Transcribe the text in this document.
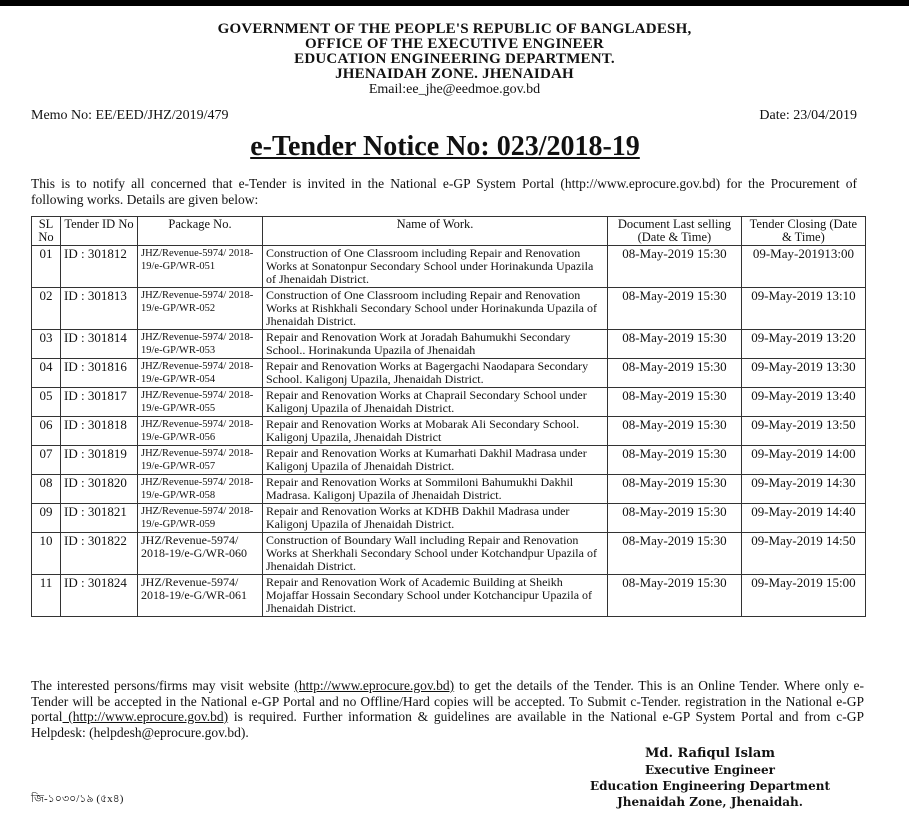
GOVERNMENT OF THE PEOPLE'S REPUBLIC OF BANGLADESH,
OFFICE OF THE EXECUTIVE ENGINEER
EDUCATION ENGINEERING DEPARTMENT.
JHENAIDAH ZONE. JHENAIDAH
Email:ee_jhe@eedmoe.gov.bd
Memo No: EE/EED/JHZ/2019/479	Date: 23/04/2019
e-Tender Notice No: 023/2018-19
This is to notify all concerned that e-Tender is invited in the National e-GP System Portal (http://www.eprocure.gov.bd) for the Procurement of following works. Details are given below:
SL No	Tender ID No	Package No.	Name of Work.	Document Last selling (Date & Time)	Tender Closing (Date & Time)
01	ID : 301812	JHZ/Revenue-5974/ 2018-19/e-GP/WR-051	Construction of One Classroom including Repair and Renovation Works at Sonatonpur Secondary School under Horinakunda Upazila of Jhenaidah District.	08-May-2019 15:30	09-May-201913:00
02	ID : 301813	JHZ/Revenue-5974/ 2018-19/e-GP/WR-052	Construction of One Classroom including Repair and Renovation Works at Rishkhali Secondary School under Horinakunda Upazila of Jhenaidah District.	08-May-2019 15:30	09-May-2019 13:10
03	ID : 301814	JHZ/Revenue-5974/ 2018-19/e-GP/WR-053	Repair and Renovation Work at Joradah Bahumukhi Secondary School.. Horinakunda Upazila of Jhenaidah	08-May-2019 15:30	09-May-2019 13:20
04	ID : 301816	JHZ/Revenue-5974/ 2018-19/e-GP/WR-054	Repair and Renovation Works at Bagergachi Naodapara Secondary School. Kaligonj Upazila, Jhenaidah District.	08-May-2019 15:30	09-May-2019 13:30
05	ID : 301817	JHZ/Revenue-5974/ 2018-19/e-GP/WR-055	Repair and Renovation Works at Chaprail Secondary School under Kaligonj Upazila of Jhenaidah District.	08-May-2019 15:30	09-May-2019 13:40
06	ID : 301818	JHZ/Revenue-5974/ 2018-19/e-GP/WR-056	Repair and Renovation Works at Mobarak Ali Secondary School. Kaligonj Upazila, Jhenaidah District	08-May-2019 15:30	09-May-2019 13:50
07	ID : 301819	JHZ/Revenue-5974/ 2018-19/e-GP/WR-057	Repair and Renovation Works at Kumarhati Dakhil Madrasa under Kaligonj Upazila of Jhenaidah District.	08-May-2019 15:30	09-May-2019 14:00
08	ID : 301820	JHZ/Revenue-5974/ 2018-19/e-GP/WR-058	Repair and Renovation Works at Sommiloni Bahumukhi Dakhil Madrasa. Kaligonj Upazila of Jhenaidah District.	08-May-2019 15:30	09-May-2019 14:30
09	ID : 301821	JHZ/Revenue-5974/ 2018-19/e-GP/WR-059	Repair and Renovation Works at KDHB Dakhil Madrasa under Kaligonj Upazila of Jhenaidah District.	08-May-2019 15:30	09-May-2019 14:40
10	ID : 301822	JHZ/Revenue-5974/ 2018-19/e-G/WR-060	Construction of Boundary Wall including Repair and Renovation Works at Sherkhali Secondary School under Kotchandpur Upazila of Jhenaidah District.	08-May-2019 15:30	09-May-2019 14:50
11	ID : 301824	JHZ/Revenue-5974/ 2018-19/e-G/WR-061	Repair and Renovation Work of Academic Building at Sheikh Mojaffar Hossain Secondary School under Kotchancipur Upazila of Jhenaidah District.	08-May-2019 15:30	09-May-2019 15:00
The interested persons/firms may visit website (http://www.eprocure.gov.bd) to get the details of the Tender. This is an Online Tender. Where only e-Tender will be accepted in the National e-GP Portal and no Offline/Hard copies will be accepted. To Submit c-Tender. registration in the National e-GP portal (http://www.eprocure.gov.bd) is required. Further information & guidelines are available in the National e-GP System Portal and from c-GP Helpdesk: (helpdesh@eprocure.gov.bd).
Md. Rafiqul Islam
Executive Engineer
Education Engineering Department
Jhenaidah Zone, Jhenaidah.
জি-১০৩০/১৯ (৫x৪)
